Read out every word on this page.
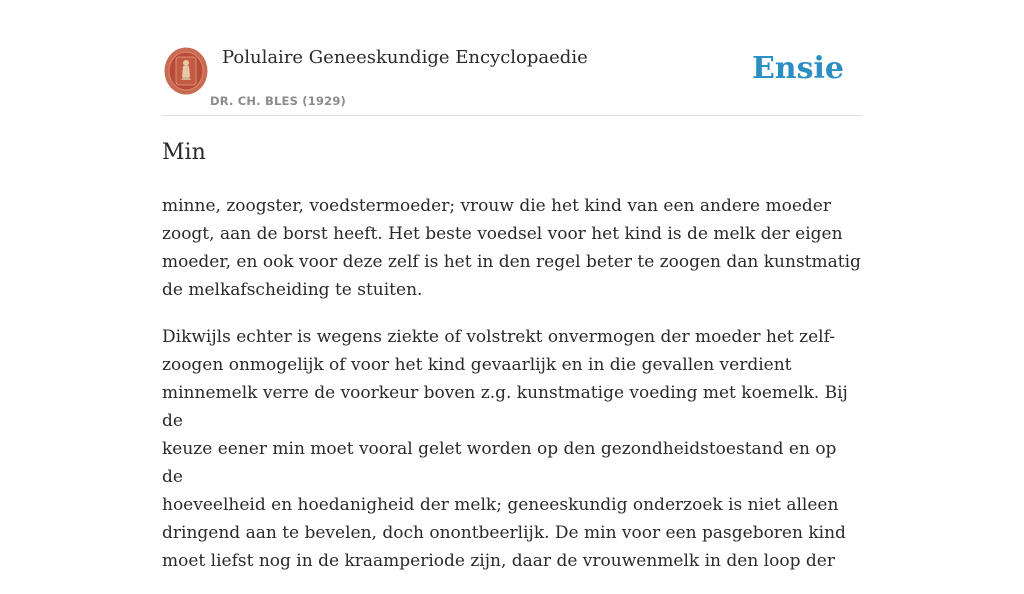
Polulaire Geneeskundige Encyclopaedie
DR. CH. BLES (1929)
Ensie
Min

minne, zoogster, voedstermoeder; vrouw die het kind van een andere moeder
zoogt, aan de borst heeft. Het beste voedsel voor het kind is de melk der eigen
moeder, en ook voor deze zelf is het in den regel beter te zoogen dan kunstmatig
de melkafscheiding te stuiten.

Dikwijls echter is wegens ziekte of volstrekt onvermogen der moeder het zelf-
zoogen onmogelijk of voor het kind gevaarlijk en in die gevallen verdient
minnemelk verre de voorkeur boven z.g. kunstmatige voeding met koemelk. Bij de
keuze eener min moet vooral gelet worden op den gezondheidstoestand en op de
hoeveelheid en hoedanigheid der melk; geneeskundig onderzoek is niet alleen
dringend aan te bevelen, doch onontbeerlijk. De min voor een pasgeboren kind
moet liefst nog in de kraamperiode zijn, daar de vrouwenmelk in den loop der
